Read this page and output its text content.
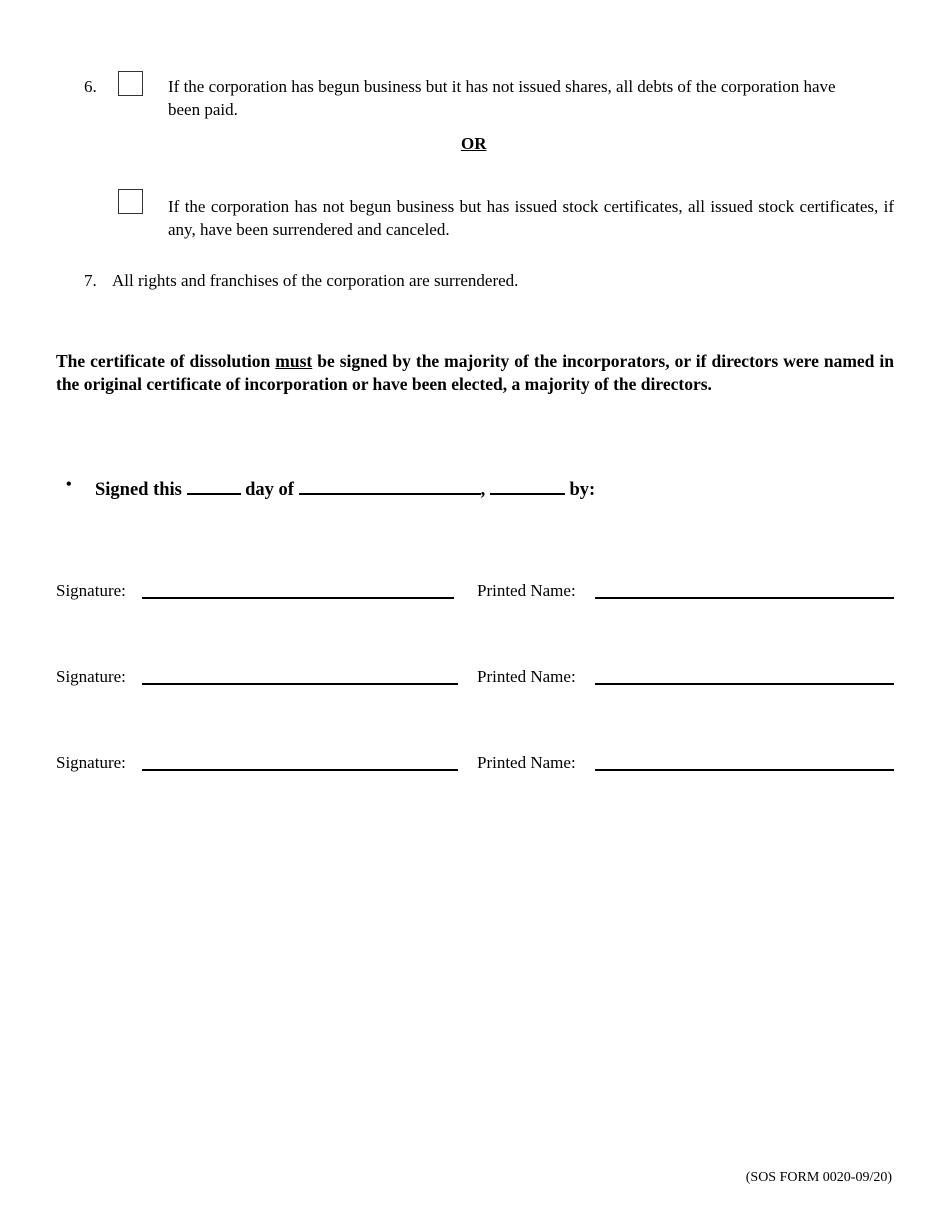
6.	If the corporation has begun business but it has not issued shares, all debts of the corporation have been paid.
OR
If the corporation has not begun business but has issued stock certificates, all issued stock certificates, if any, have been surrendered and canceled.
7. All rights and franchises of the corporation are surrendered.
The certificate of dissolution must be signed by the majority of the incorporators, or if directors were named in the original certificate of incorporation or have been elected, a majority of the directors.
• Signed this	day of	,	by:
Signature:	Printed Name:
Signature:	Printed Name:
Signature:	Printed Name:
(SOS FORM 0020-09/20)
